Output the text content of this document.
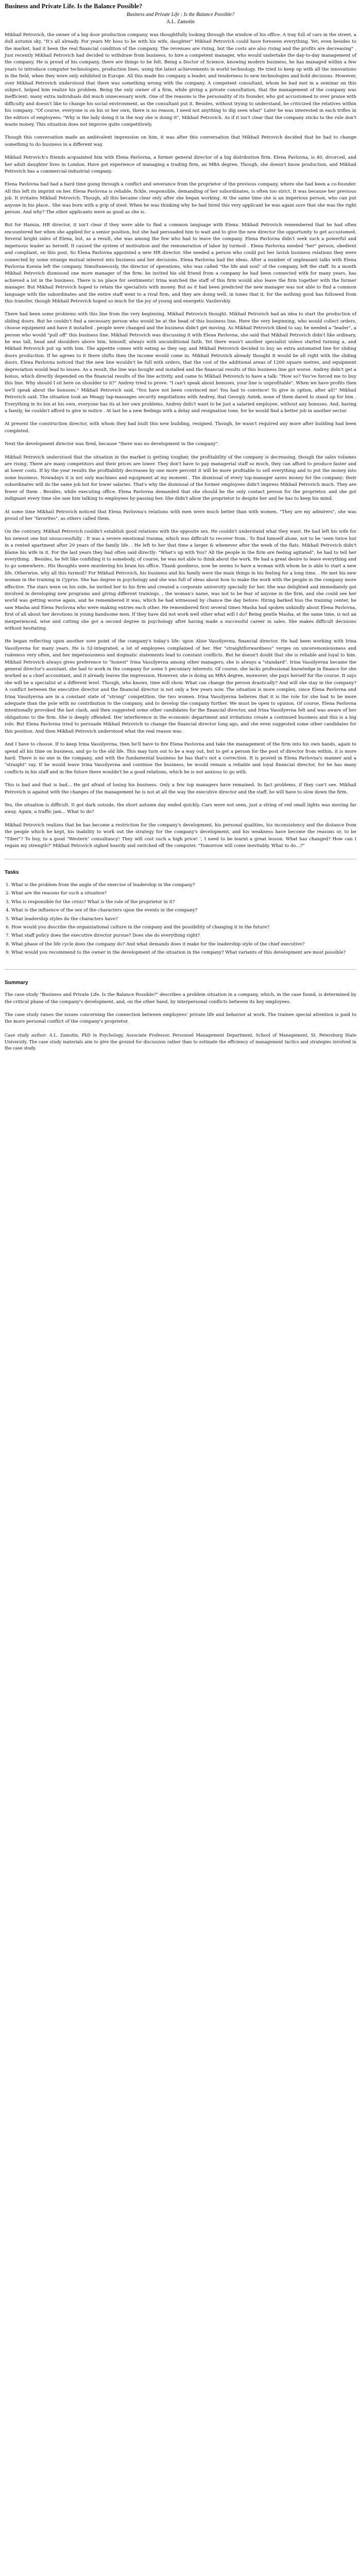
Business and Private Life. Is the Balance Possible?
Business and Private Life : Is the Balance Possible?
A.L. Zamotin

Mikhail Petrovich, the owner of a big door production company, was thoughtfully looking through the window of his office. A tray full of cars in the street, a dull autumn sky. "It's all already. For years Mr boss to be with his wife, daughter" Mikhail Petrovich could have foreseen everything. Yet, even besides to the market, had it been the real financial condition of the company. The revenues are rising, but the costs are also rising and the profits are decreasing" . Just recently Mikhail Petrovich had decided to withdraw from business, to hire a competent manager, who would undertake the day-to-day management of the company. He is proud of his company, there are things to be felt. Being a Doctor of Science, knowing modern business, he has managed within a few years to introduce computer technologies, production lines, using the latest achievements in world technology. He tried to keep up with all the innovations in the field, when they were only exhibited in Europe. All this made his company a leader, and tenderness to new technologies and bold decisions. However, over Mikhail Petrovich understood that there was something wrong with the company. A competent consultant, whom he had met in a seminar on this subject, helped him realize his problem. Being the only owner of a firm, while giving a private consultation, that the management of the company was inefficient: many extra individuals did much unnecessary work. One of the reasons is the personality of its founder, who got accustomed to over praise with difficulty and doesn't like to change his social environment, as the consultant put it. Besides, without trying to understand, he criticized the relatives within his company. "Of course, everyone is on his or her own, there is no reason, I need not anything to dig seen what" Later he was interested in each trifles in the editors of employees: "Why is the lady doing it in the way she is doing it", Mikhail Petrovich. As if it isn't clear that the company sticks to the rule don't waste money. This situation does not improve quite competitively.

Though this conversation made an ambivalent impression on him, it was after this conversation that Mikhail Petrovich decided that he had to change something to do business in a different way.

Mikhail Petrovich's friends acquainted him with Elena Pavlovna, a former general director of a big distribution firm. Elena Pavlovna, is 40, divorced, and her adult daughter lives in London. Have got experience of managing a trading firm, an MBA degree. Though, she doesn't know production, and Mikhail Petrovich has a commercial-industrial company.

Elena Pavlovna had had a hard time going through a conflict and severance from the proprietor of the previous company, where she had been a co-founder. All this left its imprint on her. Elena Pavlovna is reliable, fickle, responsible, demanding of her subordinates, is often too strict. It was because her previous job. It irritates Mikhail Petrovich. Though, all this became clear only after she began working. At the same time she is an imperious person, who can put anyone in his place.. She was born with a grip of steel. When he was thinking why he had hired this very applicant he was again sure that she was the right person. And why? The other applicants were as good as she is.

But for Hamza, HR director, it isn't clear if they were able to find a common language with Elena. Mikhail Petrovich remembered that he had often encountered her when she applied for a senior position, but she had persuaded him to wait and to give the new director the opportunity to get accustomed. Several bright sides of Elena, but, as a result, she was among the few who had to leave the company. Elena Pavlovna didn't seek such a powerful and impetuous leader as herself. It caused the system of motivation and the remuneration of labor by turmoil . Elena Pavlovna needed "her" person, obedient and compliant, on this post. So Elena Pavlovna appointed a new HR director. She needed a person who could put her lavish business relations they were connected by some strange mutual interest into business and her decisions. Elena Pavlovna had the ideas. After a number of unpleasant talks with Elena Pavlovna Ksenia left the company. Simultaneously, the director of operations, who was called "the life and soul" of the company, left the staff. In a month Mikhail Petrovich dismissed one more manager of the firm: he invited his old friend from a company he had been connected with for many years, has achieved a lot in the business. There is no place for sentiments! Irina watched the staff of this firm would also leave the firm together with the former manager. But Mikhail Petrovich hoped to retain the specialists with money. But as it had been predicted the new manager was not able to find a common language with the subordinates and the entire staff went to a rival firm, and they are doing well, in tunes that it, for the nothing good has followed from this transfer, though Mikhail Petrovich hoped so much for the joy of young and energetic Vasilevskiy.

There had been some problems with this line from the very beginning. Mikhail Petrovich thought. Mikhail Petrovich had an idea to start the production of sliding doors. But he couldn't find a necessary person who would be at the head of this business line. Here the very beginning, who would collect orders, choose equipment and have it installed , people were changed and the business didn't get moving. As Mikhail Petrovich liked to say, he needed a "leader", a person who would "pull off" this business line. Mikhail Petrovich was discussing it with Elena Pavlovna, she said that Mikhail Petrovich didn't like ordinary, he was tall, head and shoulders above him, himself, always with unconditional faith. Yet there wasn't another specialist unless started turning a, and Mikhail Petrovich put up with him. The appetite comes with eating as they say, and Mikhail Petrovich decided to buy an extra automated line for sliding doors production. If he agrees to it there shifts then the income would come in. Mikhail Petrovich already thought it would be all right with the sliding doors. Elena Pavlovna noticed that the new line wouldn't be full with orders, that the cost of the additional areas of 1200 square metres, and equipment depreciation would lead to losses. As a result, the line was bought and installed and the financial results of this business line got worse. Andrey didn't get a bonus, which directly depended on the financial results of the line activity, and came to Mikhail Petrovich to have a talk: "How so? You've forced me to buy this line. Why should I sit here on shoulder to it?" Andrey tried to prove. "I can't speak about bonuses, your line is unprofitable". When we have profits then we'll speak about the bonuses." Mikhail Petrovich said, "You have not been convinced me! You had to convince! To give in option, after all!" Mikhail Petrovich said. The situation took an Meagy tap-massages security negotiations with Andrey, that Georgiy Antek, none of them dared to stand up for him . Everything in its bin at his own, everyone has its at her own problems. Andrey didn't want to be just a salaried employee, without any bonuses. And, having a family, he couldn't afford to give in notice . At last he a new feelings with a delay and resignation tone, for he would find a better job in another sector.

At present the construction director, with whom they had built this new building, resigned. Though, he wasn't required any more after building had been completed.

Next the development director was fired, because "there was no development in the company".

Mikhail Petrovich understood that the situation in the market is getting tougher, the profitability of the company is decreasing, though the sales volumes are rising. There are many competitors and their prices are lower. They don't have to pay managerial staff so much, they can afford to produce faster and at lower costs. If by the year results the profitability decreases by one more percent it will be more profitable to sell everything and to put the money into some business. Nowadays it is not only machines and equipment at my moment . The dismissal of every top-manager saves money for the company: their subordinates will do the same job but for lower salaries. That's why the dismissal of the former employees didn't impress Mikhail Petrovich much. They are fewer of them . Besides, while executing office, Elena Pavlovna demanded that she should be the only contact person for the proprietor, and she got indignant every time she saw him talking to employees by-passing her. She didn't allow the proprietor to despite her and he has to keep his mind.

At some time Mikhail Petrovich noticed that Elena Pavlovna's relations with men were much better than with women. "They are my admirers", she was proud of her "favorites", as others called them.

On the contrary, Mikhail Petrovich couldn't establish good relations with the opposite sex. He couldn't understand what they want. He had left his wife for his newest one but unsuccessfully . It was a severe emotional trauma, which was difficult to recover from.. To find himself alone, not to be 'seen twice but in a rented apartment after 20 years of the family life. . He left to her that time a larger & whenever after the week of the flats. Mikhail Petrovich didn't blame his wife in it. For the last years they had often said directly: "What's up with You? All the people in the firm are feeling agitated", he had to tell her everything. . Besides, he felt like confiding it to somebody, of course, he was not able to think about the work. He had a great desire to leave everything and to go somewhere.. His thoughts were murdering his brain his office. Thank goodness, now he seems to have a woman with whom he is able to start a new life. Otherwise, why all this turmoil? For Mikhail Petrovich, his business and his family were the main things in his feeling for a long time. . He met his new woman in the training in Cyprus. She has degree in psychology and she was full of ideas about how to make the work with the people in the company more effective. The stars were on his side, he invited her to his firm and created a corporate university specially for her. She was delighted and immediately got involved in developing new programs and giving different trainings. , the woman's name, was not to be fear of anyone in the firm, and she could see her world was getting worse again, and he remembered it was, which he had witnessed by chance the day before: Hiring barked hiss the training center, he saw Masha and Elena Pavlovna who were making entries each other. He remembered first several times Masha had spoken unkindly about Elena Pavlovna, first of all about her devotions in young handsome men. If they have did not work well other what will I do? Being gentle Masha, at the same time, is not an inexperienced, wise and cutting she got a second degree in psychology after having made a successful career in sales. She makes difficult decisions without hesitating.

He began reflecting upon another sore point of the company's today's life: upon Alise Vassilyevna, financial director. He had been working with Irina Vassilyevna for many years. He is 52-integrated, a lot of employees complained of her. Her "straightforwardness" verges on unceremoniousness and rudeness very often, and her impetuousness and dogmatic statements lead to constant conflicts. But he doesn't doubt that she is reliable and loyal to him. Mikhail Petrovich always gives preference to "honest" Irina Vassilyevna among other managers; she is always a "standard". Irina Vassilyevna became the general director's assistant, she had to work in the company for some 5 pecuniary interests. Of course, she lacks professional knowledge in finance for she worked as a chief accountant, and it already leaves the impression. However, she is doing an MBA degree, moreover, she pays herself for the course. It says she will be a specialist at a different level. Though, who knows, time will show. What can change the person drastically? And will she stay in the company? A conflict between the executive director and the financial director is not only a few years now. The situation is more complex, since Elena Pavlovna and Irina Vassilyevna are in a constant state of "strong" competition, the two women. Irina Vassilyevna believes that it is the role for she had to be more adequate than the pole with no contribution to the company, and to develop the company further. We must be open to opinion. Of course, Elena Pavlovna intentionally provoked the last clash, and then suggested some other candidates for the financial director, and Irina Vassilyevna felt and was aware of her obligations to the firm. She is deeply offended. Her interference in the economic department and irritations create a continued business and this is a big role. But Elena Pavlovna tried to persuade Mikhail Petrovich to change the financial director long ago, and she even suggested some other candidates for this position. And then Mikhail Petrovich understood what the real reason was.

And I have to choose. If to keep Irina Vassilyevna, then he'll have to fire Elena Pavlovna and take the management of the firm into his own hands, again to spend all his time on business, and go to the old life. This may turn out to be a way out, but to get a person for the post of director from within, it is more hard. There is no one in the company, and with the fundamental business he has that's not a correction. It is proved in Elena Pavlovna's manner and a "straight" ray. If he would leave Irina Vassilyevna and continue the business, he would remain a reliable and loyal financial director, for he has many conflicts in his staff and in the future there wouldn't be a good relations, which he is not anxious to go with.

This is bad and that is bad... He got afraid of losing his business. Only a few top managers have remained. In fact problems, if they can't see. Mikhail Petrovich is against with the changes of the management he is not at all the way the executive director and the staff, he will have to slow down the firm.

Yes, the situation is difficult. It got dark outside, the short autumn day ended quickly. Cars were not seen, just a string of red small lights was moving far away. Again, a traffic jam... What to do?

Mikhail Petrovich realizes that he has become a restriction for the company's development, his personal qualities, his inconsistency and the distance from the people which he kept, his inability to work out the strategy for the company's development, and his weakness have become the reasons or, to be "Tiber"? To buy, to a good "Western" consultancy! They will cost such a high price! ', I need to be learnt a great lesson. What has changed? How can I regain my strength?' Mikhail Petrovich sighed heavily and switched off the computer. "Tomorrow will come inevitably. What to do...?"

Tasks
1. What is the problem from the angle of the exercise of leadership in the company?
2. What are the reasons for such a situation?
3. Who is responsible for the crisis? What is the role of the proprietor in it?
4. What is the influence of the sex of the characters upon the events in the company?
5. What leadership styles do the characters have?
6. How would you describe the organizational culture in the company and the possibility of changing it in the future?
7. What staff policy does the executive director pursue? Does she do everything right?
8. What phase of the life cycle does the company do? And what demands does it make for the leadership style of the chief executive?
9. What would you recommend to the owner in the development of the situation in the company? What variants of this development are most possible?
Summary

The case study "Business and Private Life. Is the Balance Possible?" describes a problem situation in a company, which, in the case found, is determined by the critical phase of the company's development, and, on the other hand, by interpersonal conflicts between its key employees.

The case study raises the issues concerning the connection between employees' private life and behavior at work. The trainee special attention is paid to the more personal conflict of the company's proprietor.

Case study author: A.L. Zamotin, PhD in Psychology, Associate Professor, Personnel Management Department, School of Management, St. Petersburg State University. The case study materials aim to give the ground for discussion rather than to estimate the efficiency of management tactics and strategies involved in the case study.
